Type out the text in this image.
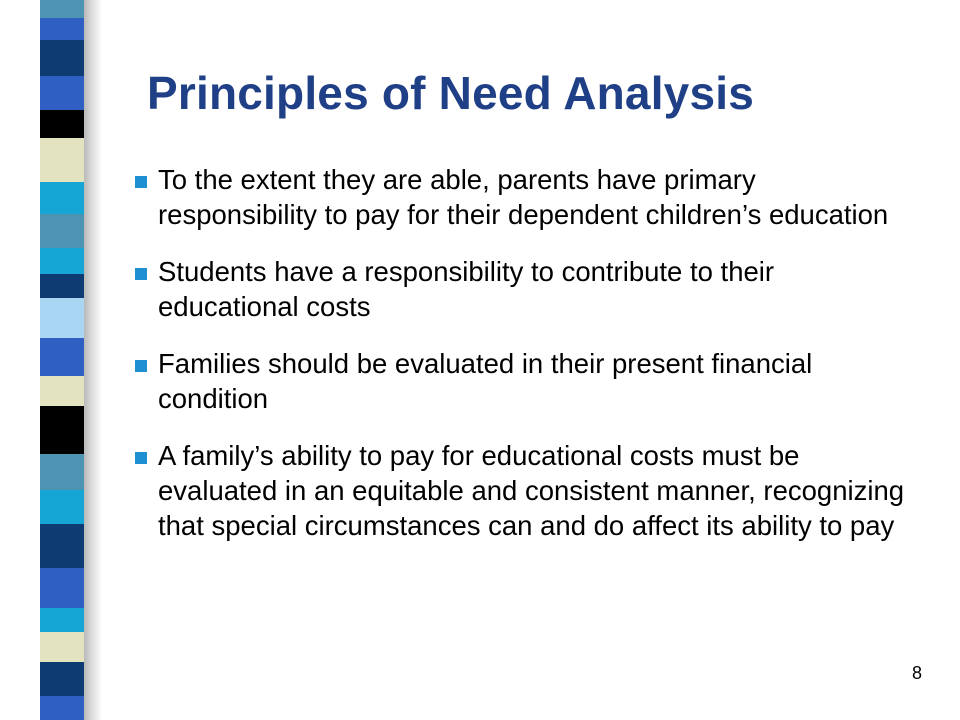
Principles of Need Analysis
To the extent they are able, parents have primary responsibility to pay for their dependent children’s education
Students have a responsibility to contribute to their educational costs
Families should be evaluated in their present financial condition
A family’s ability to pay for educational costs must be evaluated in an equitable and consistent manner, recognizing that special circumstances can and do affect its ability to pay
8
